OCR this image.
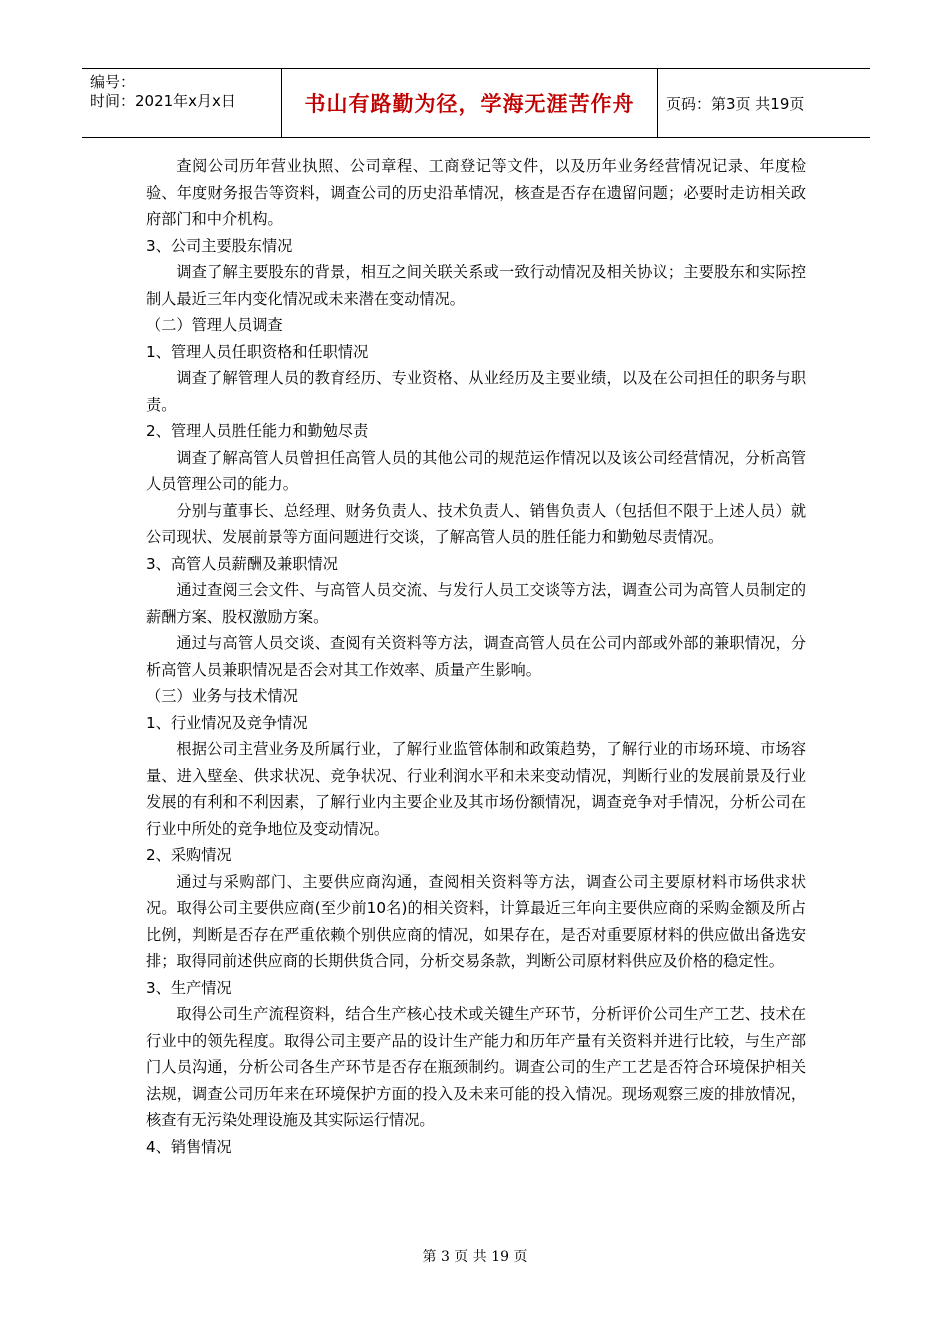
编号：
时间：2021年x月x日	书山有路勤为径，学海无涯苦作舟	页码：第3页 共19页

查阅公司历年营业执照、公司章程、工商登记等文件，以及历年业务经营情况记录、年度检验、年度财务报告等资料，调查公司的历史沿革情况，核查是否存在遗留问题；必要时走访相关政府部门和中介机构。

3、公司主要股东情况

调查了解主要股东的背景，相互之间关联关系或一致行动情况及相关协议；主要股东和实际控制人最近三年内变化情况或未来潜在变动情况。

（二）管理人员调查

1、管理人员任职资格和任职情况

调查了解管理人员的教育经历、专业资格、从业经历及主要业绩，以及在公司担任的职务与职责。

2、管理人员胜任能力和勤勉尽责

调查了解高管人员曾担任高管人员的其他公司的规范运作情况以及该公司经营情况，分析高管人员管理公司的能力。

分别与董事长、总经理、财务负责人、技术负责人、销售负责人（包括但不限于上述人员）就公司现状、发展前景等方面问题进行交谈，了解高管人员的胜任能力和勤勉尽责情况。

3、高管人员薪酬及兼职情况

通过查阅三会文件、与高管人员交流、与发行人员工交谈等方法，调查公司为高管人员制定的薪酬方案、股权激励方案。

通过与高管人员交谈、查阅有关资料等方法，调查高管人员在公司内部或外部的兼职情况，分析高管人员兼职情况是否会对其工作效率、质量产生影响。

（三）业务与技术情况

1、行业情况及竞争情况

根据公司主营业务及所属行业，了解行业监管体制和政策趋势，了解行业的市场环境、市场容量、进入壁垒、供求状况、竞争状况、行业利润水平和未来变动情况，判断行业的发展前景及行业发展的有利和不利因素，了解行业内主要企业及其市场份额情况，调查竞争对手情况，分析公司在行业中所处的竞争地位及变动情况。

2、采购情况

通过与采购部门、主要供应商沟通，查阅相关资料等方法，调查公司主要原材料市场供求状况。取得公司主要供应商(至少前10名)的相关资料，计算最近三年向主要供应商的采购金额及所占比例，判断是否存在严重依赖个别供应商的情况，如果存在，是否对重要原材料的供应做出备选安排；取得同前述供应商的长期供货合同，分析交易条款，判断公司原材料供应及价格的稳定性。

3、生产情况

取得公司生产流程资料，结合生产核心技术或关键生产环节，分析评价公司生产工艺、技术在行业中的领先程度。取得公司主要产品的设计生产能力和历年产量有关资料并进行比较，与生产部门人员沟通，分析公司各生产环节是否存在瓶颈制约。调查公司的生产工艺是否符合环境保护相关法规，调查公司历年来在环境保护方面的投入及未来可能的投入情况。现场观察三废的排放情况，核查有无污染处理设施及其实际运行情况。

4、销售情况

第 3 页 共 19 页
